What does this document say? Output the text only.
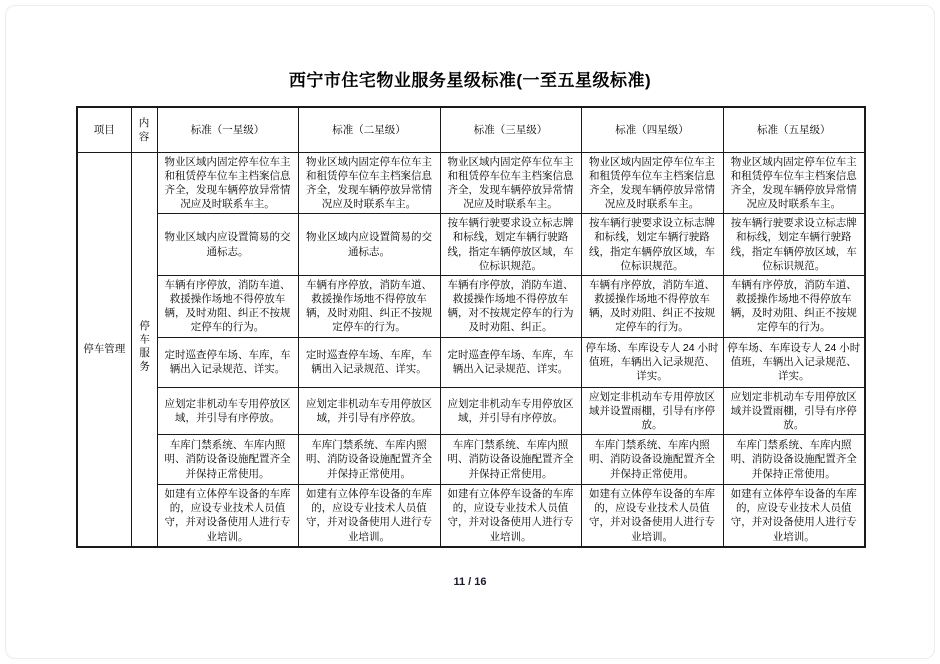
西宁市住宅物业服务星级标准(一至五星级标准)
项目	内容	标准（一星级）	标准（二星级）	标准（三星级）	标准（四星级）	标准（五星级）
停车管理	停车服务	物业区域内固定停车位车主和租赁停车位车主档案信息齐全，发现车辆停放异常情况应及时联系车主。	物业区域内固定停车位车主和租赁停车位车主档案信息齐全，发现车辆停放异常情况应及时联系车主。	物业区域内固定停车位车主和租赁停车位车主档案信息齐全，发现车辆停放异常情况应及时联系车主。	物业区域内固定停车位车主和租赁停车位车主档案信息齐全，发现车辆停放异常情况应及时联系车主。	物业区域内固定停车位车主和租赁停车位车主档案信息齐全，发现车辆停放异常情况应及时联系车主。
		物业区域内应设置简易的交通标志。	物业区域内应设置简易的交通标志。	按车辆行驶要求设立标志牌和标线，划定车辆行驶路线，指定车辆停放区域，车位标识规范。	按车辆行驶要求设立标志牌和标线，划定车辆行驶路线，指定车辆停放区域，车位标识规范。	按车辆行驶要求设立标志牌和标线，划定车辆行驶路线，指定车辆停放区域，车位标识规范。
		车辆有序停放，消防车道、救援操作场地不得停放车辆，及时劝阻、纠正不按规定停车的行为。	车辆有序停放，消防车道、救援操作场地不得停放车辆，及时劝阻、纠正不按规定停车的行为。	车辆有序停放，消防车道、救援操作场地不得停放车辆，对不按规定停车的行为及时劝阻、纠正。	车辆有序停放，消防车道、救援操作场地不得停放车辆，及时劝阻、纠正不按规定停车的行为。	车辆有序停放，消防车道、救援操作场地不得停放车辆，及时劝阻、纠正不按规定停车的行为。
		定时巡查停车场、车库，车辆出入记录规范、详实。	定时巡查停车场、车库，车辆出入记录规范、详实。	定时巡查停车场、车库，车辆出入记录规范、详实。	停车场、车库设专人 24 小时值班，车辆出入记录规范、详实。	停车场、车库设专人 24 小时值班，车辆出入记录规范、详实。
		应划定非机动车专用停放区域，并引导有序停放。	应划定非机动车专用停放区域，并引导有序停放。	应划定非机动车专用停放区域，并引导有序停放。	应划定非机动车专用停放区域并设置雨棚，引导有序停放。	应划定非机动车专用停放区域并设置雨棚，引导有序停放。
		车库门禁系统、车库内照明、消防设备设施配置齐全并保持正常使用。	车库门禁系统、车库内照明、消防设备设施配置齐全并保持正常使用。	车库门禁系统、车库内照明、消防设备设施配置齐全并保持正常使用。	车库门禁系统、车库内照明、消防设备设施配置齐全并保持正常使用。	车库门禁系统、车库内照明、消防设备设施配置齐全并保持正常使用。
		如建有立体停车设备的车库的，应设专业技术人员值守，并对设备使用人进行专业培训。	如建有立体停车设备的车库的，应设专业技术人员值守，并对设备使用人进行专业培训。	如建有立体停车设备的车库的，应设专业技术人员值守，并对设备使用人进行专业培训。	如建有立体停车设备的车库的，应设专业技术人员值守，并对设备使用人进行专业培训。	如建有立体停车设备的车库的，应设专业技术人员值守，并对设备使用人进行专业培训。
11 / 16
